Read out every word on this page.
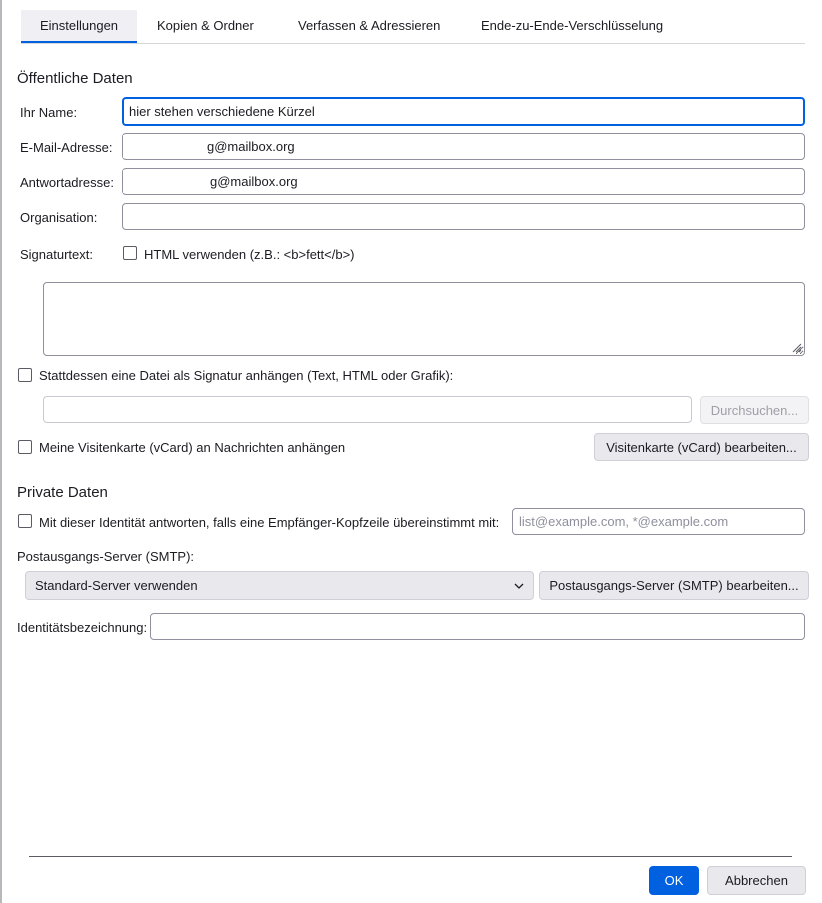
Einstellungen	Kopien & Ordner	Verfassen & Adressieren	Ende-zu-Ende-Verschlüsselung
Öffentliche Daten
Ihr Name:
hier stehen verschiedene Kürzel
E-Mail-Adresse:
g@mailbox.org
Antwortadresse:
g@mailbox.org
Organisation:
Signaturtext:	HTML verwenden (z.B.: <b>fett</b>)
Stattdessen eine Datei als Signatur anhängen (Text, HTML oder Grafik):
Durchsuchen...
Meine Visitenkarte (vCard) an Nachrichten anhängen	Visitenkarte (vCard) bearbeiten...
Private Daten
Mit dieser Identität antworten, falls eine Empfänger-Kopfzeile übereinstimmt mit:
list@example.com, *@example.com
Postausgangs-Server (SMTP):
Standard-Server verwenden	Postausgangs-Server (SMTP) bearbeiten...
Identitätsbezeichnung:
OK	Abbrechen
